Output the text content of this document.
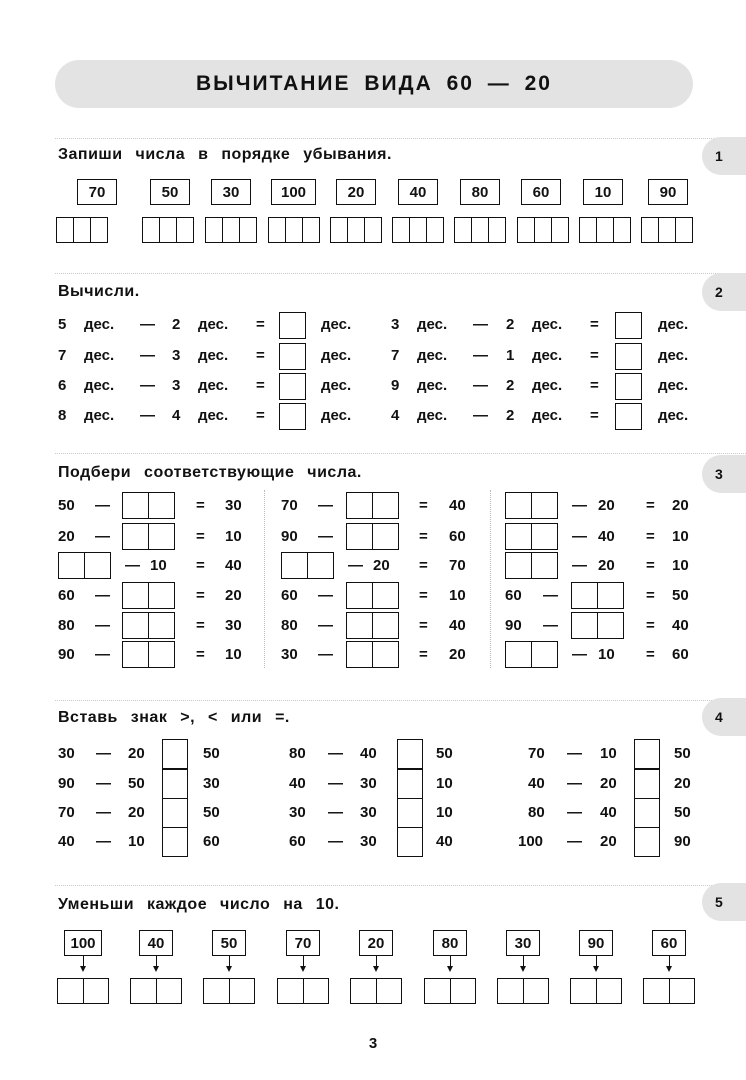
ВЫЧИТАНИЕ ВИДА 60 — 20
1
2
3
4
5
Запиши числа в порядке убывания.
Вычисли.
Подбери соответствующие числа.
Вставь знак >, < или =.
Уменьши каждое число на 10.
70	50	30	100	20	40	80	60	10	90
5 дес. — 2 дес. =	дес.	3 дес. — 2 дес. =	дес.
7 дес. — 3 дес. =	дес.	7 дес. — 1 дес. =	дес.
6 дес. — 3 дес. =	дес.	9 дес. — 2 дес. =	дес.
8 дес. — 4 дес. =	дес.	4 дес. — 2 дес. =	дес.
50 —	= 30
20 —	= 10
— 10 = 40
60 —	= 20
80 —	= 30
90 —	= 10
70 —	= 40
90 —	= 60
— 20 = 70
60 —	= 10
80 —	= 40
30 —	= 20
— 20 = 20
— 40 = 10
— 20 = 10
60 —	= 50
90 —	= 40
— 10 = 60
30 — 20	50
90 — 50	30
70 — 20	50
40 — 10	60
80 — 40	50
40 — 30	10
30 — 30	10
60 — 30	40
70 — 10	50
40 — 20	20
80 — 40	50
100 — 20	90
100	40	50	70	20	80	30	90	60
3
